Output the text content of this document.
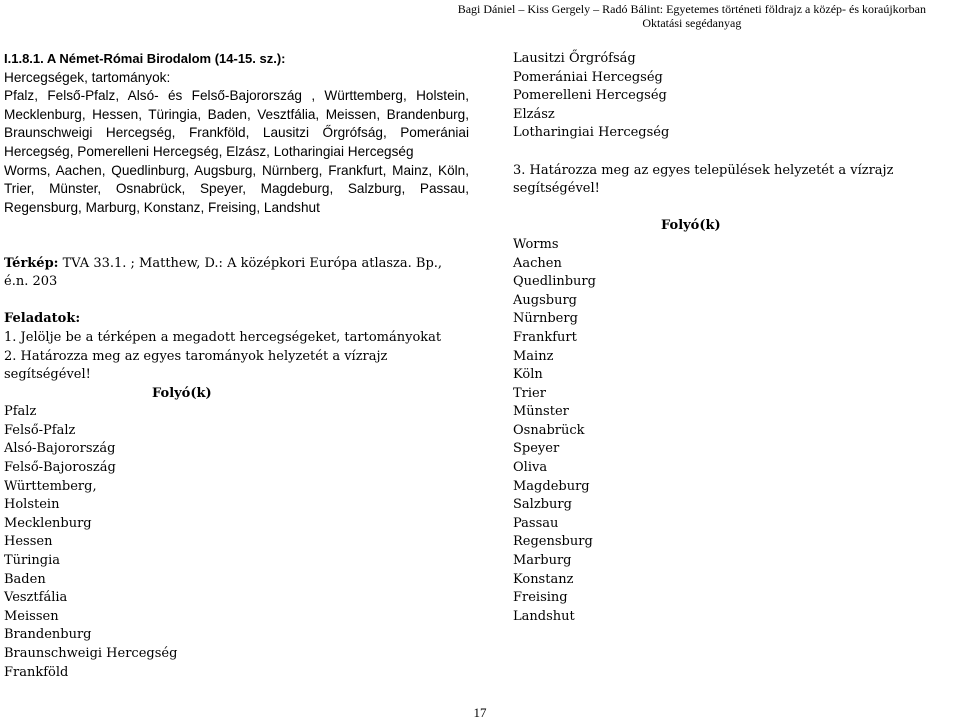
Bagi Dániel – Kiss Gergely – Radó Bálint: Egyetemes történeti földrajz a közép- és koraújkorban
Oktatási segédanyag
I.1.8.1. A Német-Római Birodalom (14-15. sz.):
Hercegségek, tartományok:
Pfalz, Felső-Pfalz, Alsó- és Felső-Bajorország , Württemberg, Holstein, Mecklenburg, Hessen, Türingia, Baden, Vesztfália, Meissen, Brandenburg, Braunschweigi Hercegség, Frankföld, Lausitzi Őrgrófság, Pomerániai Hercegség, Pomerelleni Hercegség, Elzász, Lotharingiai Hercegség
Worms, Aachen, Quedlinburg, Augsburg, Nürnberg, Frankfurt, Mainz, Köln, Trier, Münster, Osnabrück, Speyer, Magdeburg, Salzburg, Passau, Regensburg, Marburg, Konstanz, Freising, Landshut
Térkép: TVA 33.1. ; Matthew, D.: A középkori Európa atlasza. Bp., é.n. 203
Feladatok:
1. Jelölje be a térképen a megadott hercegségeket, tartományokat
2. Határozza meg az egyes tarományok helyzetét a vízrajz segítségével!
Folyó(k)
Pfalz
Felső-Pfalz
Alsó-Bajorország
Felső-Bajoroszág
Württemberg,
Holstein
Mecklenburg
Hessen
Türingia
Baden
Vesztfália
Meissen
Brandenburg
Braunschweigi Hercegség
Frankföld
Lausitzi Őrgrófság
Pomerániai Hercegség
Pomerelleni Hercegség
Elzász
Lotharingiai Hercegség
3. Határozza meg az egyes települések helyzetét a vízrajz segítségével!
Folyó(k)
Worms
Aachen
Quedlinburg
Augsburg
Nürnberg
Frankfurt
Mainz
Köln
Trier
Münster
Osnabrück
Speyer
Oliva
Magdeburg
Salzburg
Passau
Regensburg
Marburg
Konstanz
Freising
Landshut
17
